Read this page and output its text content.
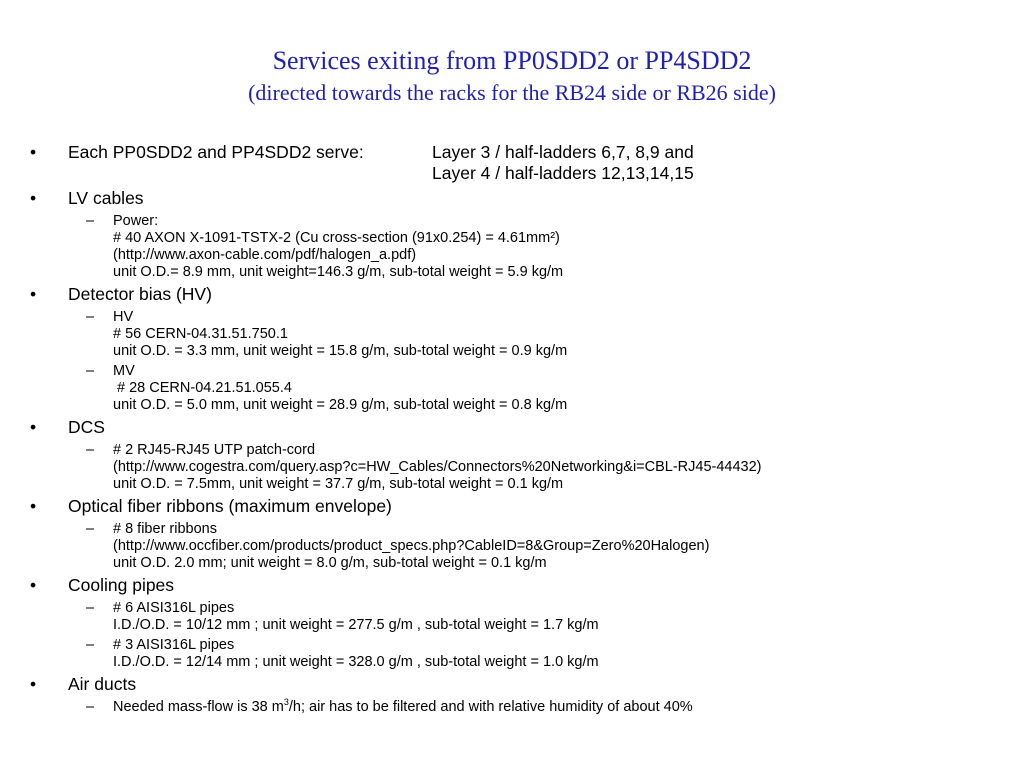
Services exiting from PP0SDD2 or PP4SDD2
(directed towards the racks for the RB24 side or RB26 side)
• Each PP0SDD2 and PP4SDD2 serve:	Layer 3 / half-ladders 6,7, 8,9 and
Layer 4 / half-ladders 12,13,14,15
• LV cables
– Power:
# 40 AXON X-1091-TSTX-2 (Cu cross-section (91x0.254) = 4.61mm²)
(http://www.axon-cable.com/pdf/halogen_a.pdf)
unit O.D.= 8.9 mm, unit weight=146.3 g/m, sub-total weight = 5.9 kg/m
• Detector bias (HV)
– HV
# 56 CERN-04.31.51.750.1
unit O.D. = 3.3 mm, unit weight = 15.8 g/m, sub-total weight = 0.9 kg/m
– MV
# 28 CERN-04.21.51.055.4
unit O.D. = 5.0 mm, unit weight = 28.9 g/m, sub-total weight = 0.8 kg/m
• DCS
– # 2 RJ45-RJ45 UTP patch-cord
(http://www.cogestra.com/query.asp?c=HW_Cables/Connectors%20Networking&i=CBL-RJ45-44432)
unit O.D. = 7.5mm, unit weight = 37.7 g/m, sub-total weight = 0.1 kg/m
• Optical fiber ribbons (maximum envelope)
– # 8 fiber ribbons
(http://www.occfiber.com/products/product_specs.php?CableID=8&Group=Zero%20Halogen)
unit O.D. 2.0 mm; unit weight = 8.0 g/m, sub-total weight = 0.1 kg/m
• Cooling pipes
– # 6 AISI316L pipes
I.D./O.D. = 10/12 mm ; unit weight = 277.5 g/m , sub-total weight = 1.7 kg/m
– # 3 AISI316L pipes
I.D./O.D. = 12/14 mm ; unit weight = 328.0 g/m , sub-total weight = 1.0 kg/m
• Air ducts
– Needed mass-flow is 38 $m^3/h$; air has to be filtered and with relative humidity of about 40%
